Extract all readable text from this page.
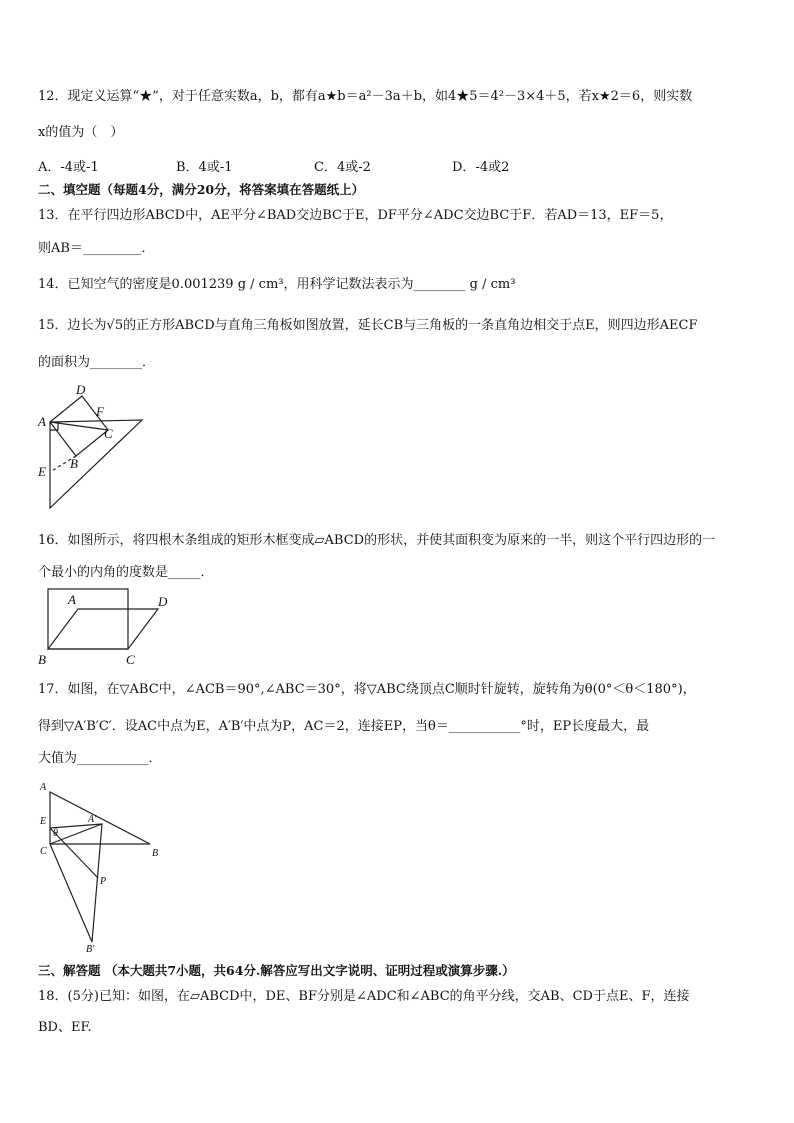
12．现定义运算“★”，对于任意实数a，b，都有a★b＝a²－3a＋b，如4★5＝4²－3×4＋5，若x★2＝6，则实数
x的值为（　）
A．-4或-1	B．4或-1	C．4或-2	D．-4或2
二、填空题（每题4分，满分20分，将答案填在答题纸上）
13．在平行四边形ABCD中，AE平分∠BAD交边BC于E，DF平分∠ADC交边BC于F．若AD＝13，EF＝5，
则AB＝_________．
14．已知空气的密度是0.001239 g / cm³，用科学记数法表示为________ g / cm³
15．边长为√5的正方形ABCD与直角三角板如图放置，延长CB与三角板的一条直角边相交于点E，则四边形AECF
的面积为________．
D
F
A
C
B
E
16．如图所示，将四根木条组成的矩形木框变成▱ABCD的形状，并使其面积变为原来的一半，则这个平行四边形的一
个最小的内角的度数是_____．
A	D
B	C
17．如图，在▽ABC中，∠ACB＝90°,∠ABC＝30°，将▽ABC绕顶点C顺时针旋转，旋转角为θ(0°＜θ＜180°)，
得到▽A′B′C′．设AC中点为E，A′B′中点为P，AC＝2，连接EP，当θ＝___________°时，EP长度最大，最
大值为___________．
A
E
θ
A′
C	B
P
B′
三、解答题 （本大题共7小题，共64分.解答应写出文字说明、证明过程或演算步骤.）
18．(5分)已知：如图，在▱ABCD中，DE、BF分别是∠ADC和∠ABC的角平分线，交AB、CD于点E、F，连接
BD、EF.
